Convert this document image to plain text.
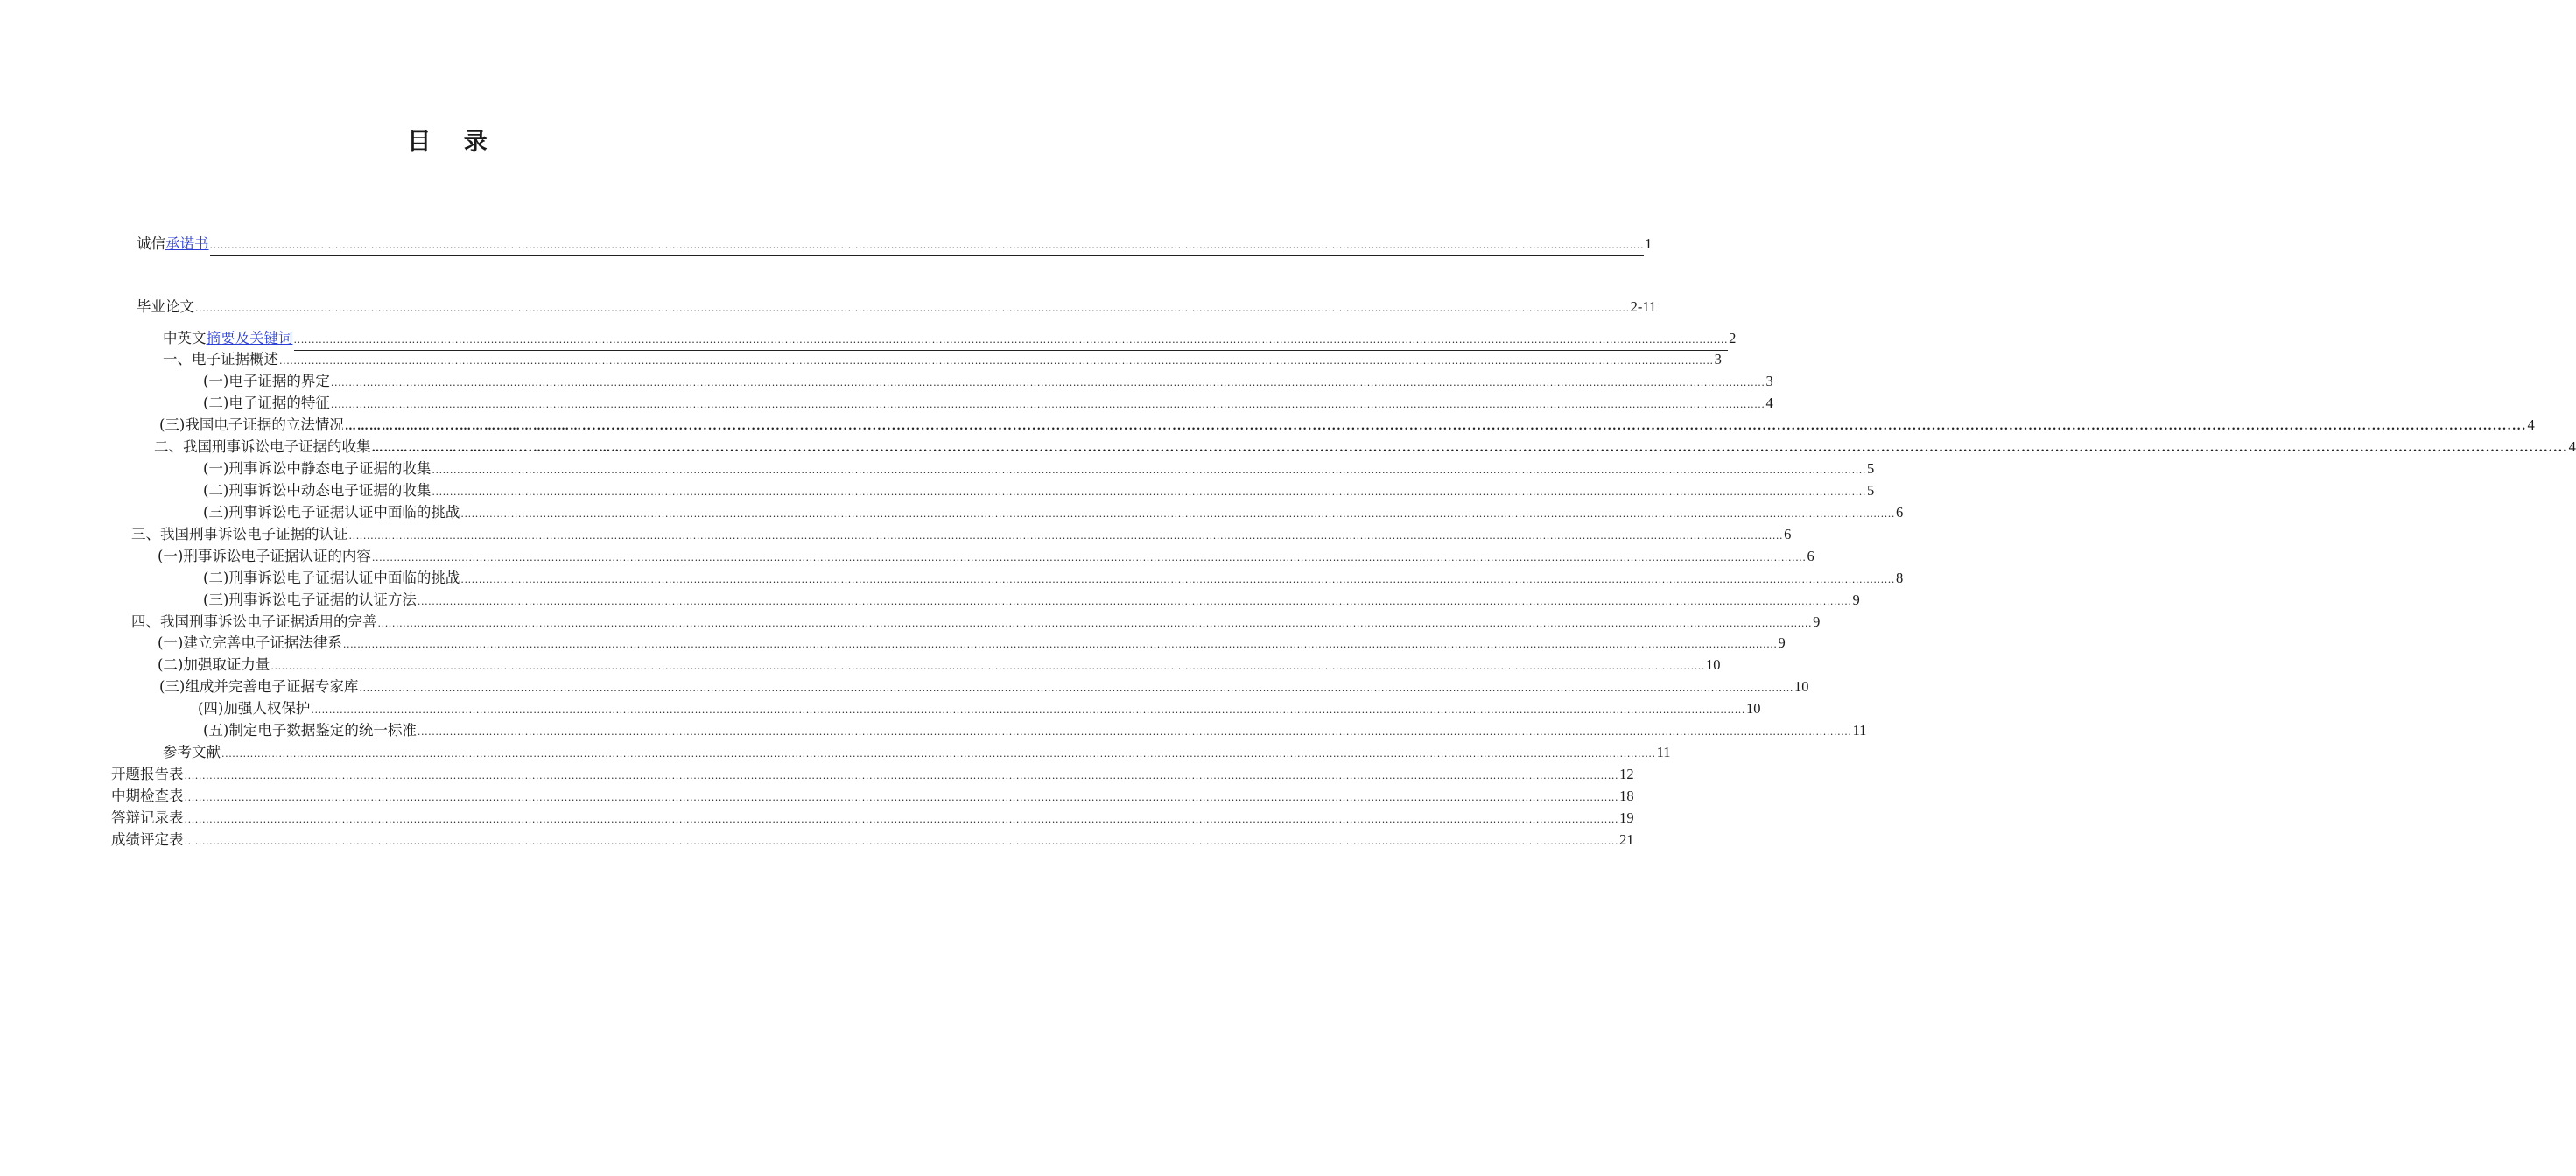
目 录
诚信 承诺书 ................................................................................................................................................................................................................................................................................................................................................................................................................ 1
毕业论文 ................................................................................................................................................................................................................................................................................................................................................................................................................ 2-11
中英文 摘要及关键词 ................................................................................................................................................................................................................................................................................................................................................................................................................ 2
一、电子证据概述 ................................................................................................................................................................................................................................................................................................................................................................................................................ 3
(一)电子证据的界定 ................................................................................................................................................................................................................................................................................................................................................................................................................ 3
(二)电子证据的特征 ................................................................................................................................................................................................................................................................................................................................................................................................................ 4
(三)我国电子证据的立法情况 …………………......………………………….................................................................................................................................................................................................................................................................................................................................................................................................................. 4
二、我国刑事诉讼电子证据的收集 ………………………………...……......……….................................................................................................................................................................................................................................................................................................................................................................................................................. 4
(一)刑事诉讼中静态电子证据的收集 ................................................................................................................................................................................................................................................................................................................................................................................................................ 5
(二)刑事诉讼中动态电子证据的收集 ................................................................................................................................................................................................................................................................................................................................................................................................................ 5
(三)刑事诉讼电子证据认证中面临的挑战 ................................................................................................................................................................................................................................................................................................................................................................................................................ 6
三、我国刑事诉讼电子证据的认证 ................................................................................................................................................................................................................................................................................................................................................................................................................ 6
(一)刑事诉讼电子证据认证的内容 ................................................................................................................................................................................................................................................................................................................................................................................................................ 6
(二)刑事诉讼电子证据认证中面临的挑战 ................................................................................................................................................................................................................................................................................................................................................................................................................ 8
(三)刑事诉讼电子证据的认证方法 ................................................................................................................................................................................................................................................................................................................................................................................................................ 9
四、我国刑事诉讼电子证据适用的完善 ................................................................................................................................................................................................................................................................................................................................................................................................................ 9
(一)建立完善电子证据法律系 ................................................................................................................................................................................................................................................................................................................................................................................................................ 9
(二)加强取证力量 ................................................................................................................................................................................................................................................................................................................................................................................................................ 10
(三)组成并完善电子证据专家库 ................................................................................................................................................................................................................................................................................................................................................................................................................ 10
(四)加强人权保护 ................................................................................................................................................................................................................................................................................................................................................................................................................ 10
(五)制定电子数据鉴定的统一标准 ................................................................................................................................................................................................................................................................................................................................................................................................................ 11
参考文献 ................................................................................................................................................................................................................................................................................................................................................................................................................ 11
开题报告表 ................................................................................................................................................................................................................................................................................................................................................................................................................ 12
中期检查表 ................................................................................................................................................................................................................................................................................................................................................................................................................ 18
答辩记录表 ................................................................................................................................................................................................................................................................................................................................................................................................................ 19
成绩评定表 ................................................................................................................................................................................................................................................................................................................................................................................................................ 21
